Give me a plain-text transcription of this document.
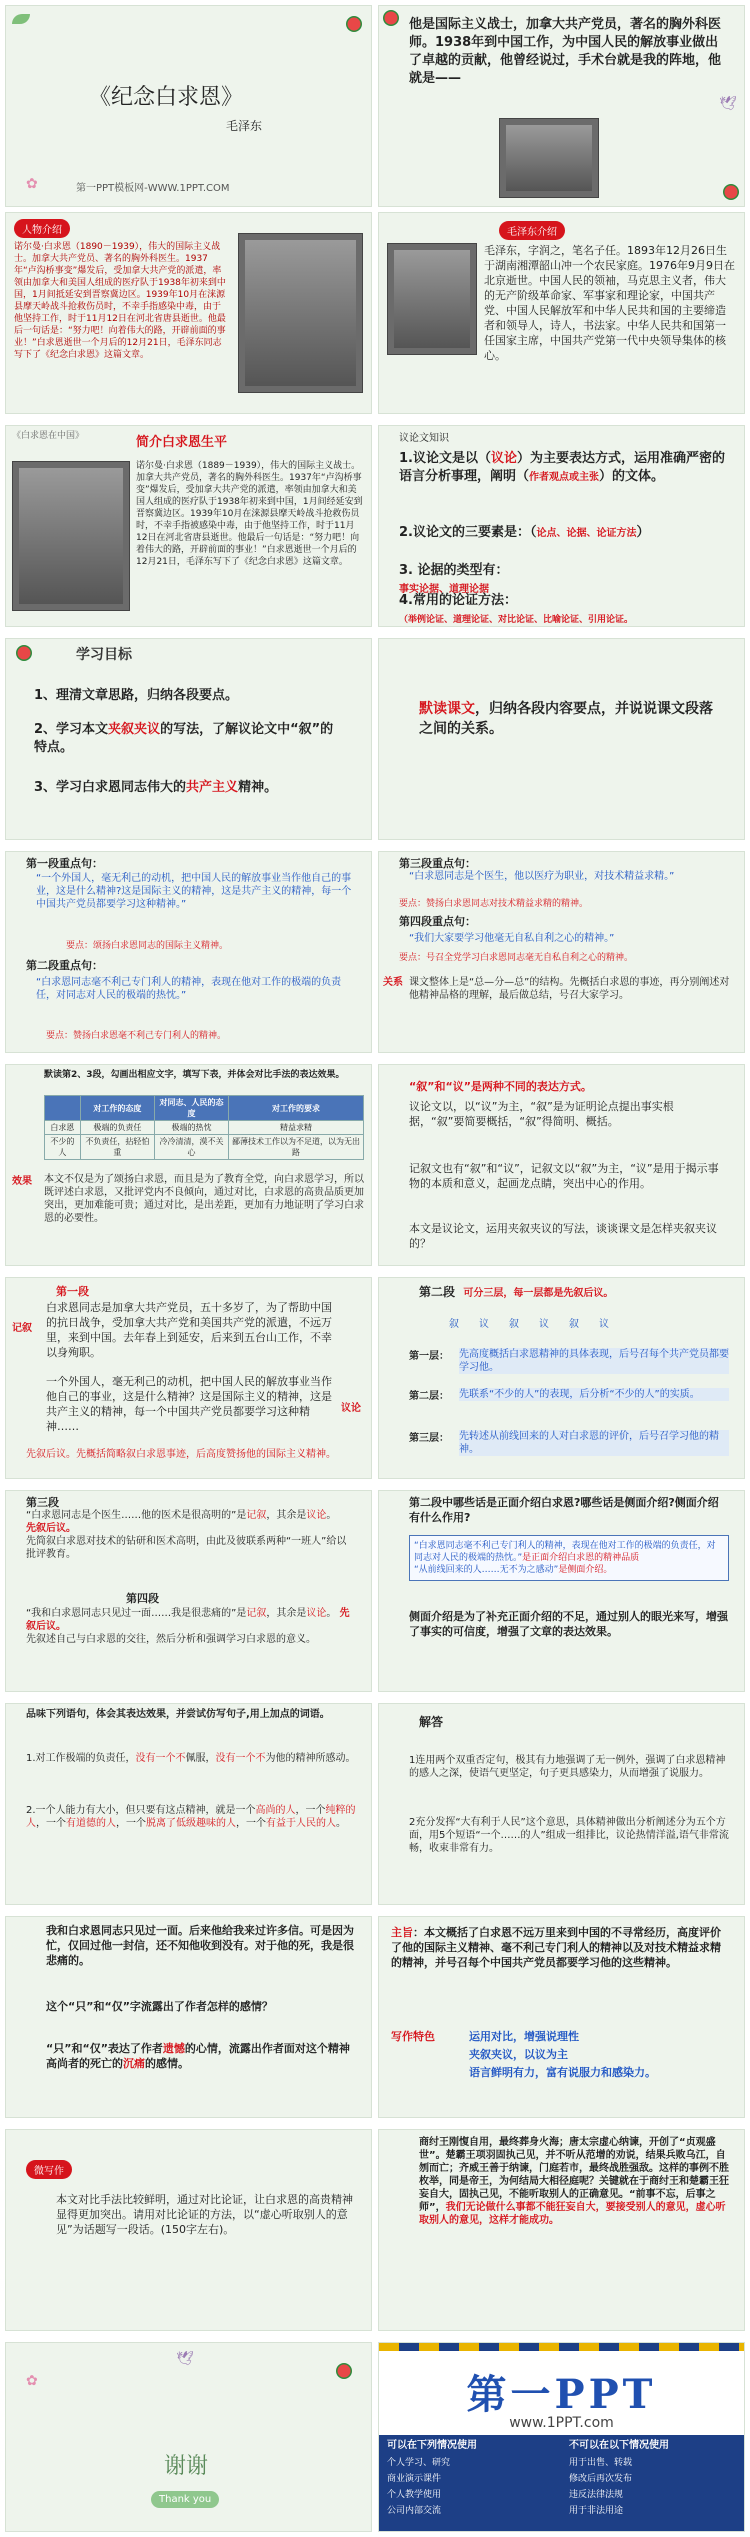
✿
《纪念白求恩》
毛泽东
第一PPT模板网-WWW.1PPT.COM
🕊
他是国际主义战士，加拿大共产党员，著名的胸外科医师。1938年到中国工作，为中国人民的解放事业做出了卓越的贡献，他曾经说过，手术台就是我的阵地，他就是——
人物介绍
诺尔曼·白求恩（1890－1939），伟大的国际主义战士。加拿大共产党员、著名的胸外科医生。1937年“卢沟桥事变”爆发后，受加拿大共产党的派遣，率领由加拿大和美国人组成的医疗队于1938年初来到中国，1月间抵延安到晋察冀边区。1939年10月在涞源县摩天岭战斗抢救伤员时，不幸手指感染中毒，由于他坚持工作，时于11月12日在河北省唐县逝世。他最后一句话是：“努力吧！向着伟大的路，开辟前面的事业！”白求恩逝世一个月后的12月21日，毛泽东同志写下了《纪念白求恩》这篇文章。
毛泽东介绍
毛泽东，字润之，笔名子任。1893年12月26日生于湖南湘潭韶山冲一个农民家庭。1976年9月9日在北京逝世。中国人民的领袖，马克思主义者，伟大的无产阶级革命家、军事家和理论家，中国共产党、中国人民解放军和中华人民共和国的主要缔造者和领导人，诗人，书法家。中华人民共和国第一任国家主席，中国共产党第一代中央领导集体的核心。
《白求恩在中国》	简介白求恩生平
诺尔曼·白求恩（1889－1939），伟大的国际主义战士。加拿大共产党员，著名的胸外科医生。1937年“卢沟桥事变”爆发后，受加拿大共产党的派遣，率领由加拿大和美国人组成的医疗队于1938年初来到中国，1月间经延安到晋察冀边区。1939年10月在涞源县摩天岭战斗抢救伤员时，不幸手指被感染中毒，由于他坚持工作，时于11月12日在河北省唐县逝世。他最后一句话是：“努力吧！向着伟大的路，开辟前面的事业！”白求恩逝世一个月后的12月21日，毛泽东写下了《纪念白求恩》这篇文章。
议论文知识
1.议论文是以（议论）为主要表达方式，运用准确严密的语言分析事理，阐明（作者观点或主张）的文体。
2.议论文的三要素是：（论点、论据、论证方法）
3. 论据的类型有：
事实论据、道理论据
4.常用的论证方法：
（举例论证、道理论证、对比论证、比喻论证、引用论证。
学习目标
1、理清文章思路，归纳各段要点。
2、学习本文夹叙夹议的写法，了解议论文中“叙”的特点。
3、学习白求恩同志伟大的共产主义精神。
默读课文，归纳各段内容要点，并说说课文段落之间的关系。
第一段重点句：
“一个外国人，毫无利己的动机，把中国人民的解放事业当作他自己的事业，这是什么精神?这是国际主义的精神，这是共产主义的精神，每一个中国共产党员都要学习这种精神。”
要点：颂扬白求恩同志的国际主义精神。
第二段重点句：
“白求恩同志毫不利己专门利人的精神，表现在他对工作的极端的负责任，对同志对人民的极端的热忱。”
要点：赞扬白求恩毫不利己专门利人的精神。
第三段重点句：
“白求恩同志是个医生，他以医疗为职业，对技术精益求精。”
要点：赞扬白求恩同志对技术精益求精的精神。
第四段重点句：
“我们大家要学习他毫无自私自利之心的精神。”
要点：号召全党学习白求恩同志毫无自私自利之心的精神。
关系 课文整体上是“总—分—总”的结构。先概括白求恩的事迹，再分别阐述对他精神品格的理解，最后做总结，号召大家学习。
默读第2、3段，勾画出相应文字，填写下表，并体会对比手法的表达效果。
	对工作的态度	对同志、人民的态度	对工作的要求
白求恩	极端的负责任	极端的热忱	精益求精
不少的人	不负责任，拈轻怕重	冷冷清清，漠不关心	鄙薄技术工作以为不足道，以为无出路
效果 本文不仅是为了颂扬白求恩，而且是为了教育全党，向白求恩学习，所以既评述白求恩，又批评党内不良倾向，通过对比，白求恩的高贵品质更加突出，更加难能可贵；通过对比，是出差距，更加有力地证明了学习白求恩的必要性。
“叙”和“议”是两种不同的表达方式。
议论文以，以“议”为主，“叙”是为证明论点提出事实根据，“叙”要简要概括，“叙”得简明、概括。
记叙文也有“叙”和“议”，记叙文以“叙”为主，“议”是用于揭示事物的本质和意义，起画龙点睛，突出中心的作用。
本文是议论文，运用夹叙夹议的写法，谈谈课文是怎样夹叙夹议的？
记叙
第一段
白求恩同志是加拿大共产党员，五十多岁了，为了帮助中国的抗日战争，受加拿大共产党和美国共产党的派遣，不远万里，来到中国。去年春上到延安，后来到五台山工作，不幸以身殉职。
一个外国人，毫无利己的动机，把中国人民的解放事业当作他自己的事业，这是什么精神？这是国际主义的精神，这是共产主义的精神，每一个中国共产党员都要学习这种精神……
议论
先叙后议。先概括简略叙白求恩事迹，后高度赞扬他的国际主义精神。
第二段 可分三层，每一层都是先叙后议。
叙　　议　　叙　　议　　叙　　议
第一层： 先高度概括白求恩精神的具体表现，后号召每个共产党员都要学习他。
第二层： 先联系“不少的人”的表现，后分析“不少的人”的实质。
第三层： 先转述从前线回来的人对白求恩的评价，后号召学习他的精神。
第三段
“白求恩同志是个医生……他的医术是很高明的”是记叙，其余是议论。
先叙后议。
先简叙白求恩对技术的钻研和医术高明，由此及彼联系两种“一班人”给以批评教育。
第四段
“我和白求恩同志只见过一面……我是很悲痛的”是记叙，其余是议论。 先叙后议。
先叙述自己与白求恩的交往，然后分析和强调学习白求恩的意义。
第二段中哪些话是正面介绍白求恩?哪些话是侧面介绍?侧面介绍有什么作用?
“白求恩同志毫不利己专门利人的精神，表现在他对工作的极端的负责任，对同志对人民的极端的热忱。”是正面介绍白求恩的精神品质
“从前线回来的人……无不为之感动”是侧面介绍。
侧面介绍是为了补充正面介绍的不足，通过别人的眼光来写，增强了事实的可信度，增强了文章的表达效果。
品味下列语句，体会其表达效果，并尝试仿写句子,用上加点的词语。
1.对工作极端的负责任，没有一个不佩服，没有一个不为他的精神所感动。
2.一个人能力有大小，但只要有这点精神，就是一个高尚的人，一个纯粹的人，一个有道德的人，一个脱离了低级趣味的人，一个有益于人民的人。
解答
1连用两个双重否定句，极其有力地强调了无一例外，强调了白求恩精神的感人之深，使语气更坚定，句子更具感染力，从而增强了说服力。
2充分发挥“大有利于人民”这个意思，具体精神做出分析阐述分为五个方面，用5个短语“一个……的人”组成一组排比，议论热情洋溢,语气非常流畅，收束非常有力。
我和白求恩同志只见过一面。后来他给我来过许多信。可是因为忙，仅回过他一封信，还不知他收到没有。对于他的死，我是很悲痛的。
这个“只”和“仅”字流露出了作者怎样的感情？
“只”和“仅”表达了作者遗憾的心情，流露出作者面对这个精神高尚者的死亡的沉痛的感情。
主旨：本文概括了白求恩不远万里来到中国的不寻常经历，高度评价了他的国际主义精神、毫不利己专门利人的精神以及对技术精益求精的精神，并号召每个中国共产党员都要学习他的这些精神。
写作特色	运用对比，增强说理性
夹叙夹议，以议为主
语言鲜明有力，富有说服力和感染力。
微写作
本文对比手法比较鲜明，通过对比论证，让白求恩的高贵精神显得更加突出。请用对比论证的方法，以“虚心听取别人的意见”为话题写一段话。(150字左右)。
商纣王刚愎自用，最终葬身火海；唐太宗虚心纳谏，开创了“贞观盛世”。楚霸王项羽固执己见，并不听从范增的劝说，结果兵败乌江，自刎而亡；齐威王善于纳谏，门庭若市，最终战胜强敌。这样的事例不胜枚举，同是帝王，为何结局大相径庭呢？关键就在于商纣王和楚霸王狂妄自大，固执己见，不能听取别人的正确意见。“前事不忘，后事之师”，我们无论做什么事都不能狂妄自大，要接受别人的意见，虚心听取别人的意见，这样才能成功。
🕊
✿
谢谢
Thank you
第一PPT
www.1PPT.com
可以在下列情况使用	不可以在以下情况使用
个人学习、研究
商业演示课件
个人教学使用
公司内部交流
用于出售、转载
修改后再次发布
违反法律法规
用于非法用途
